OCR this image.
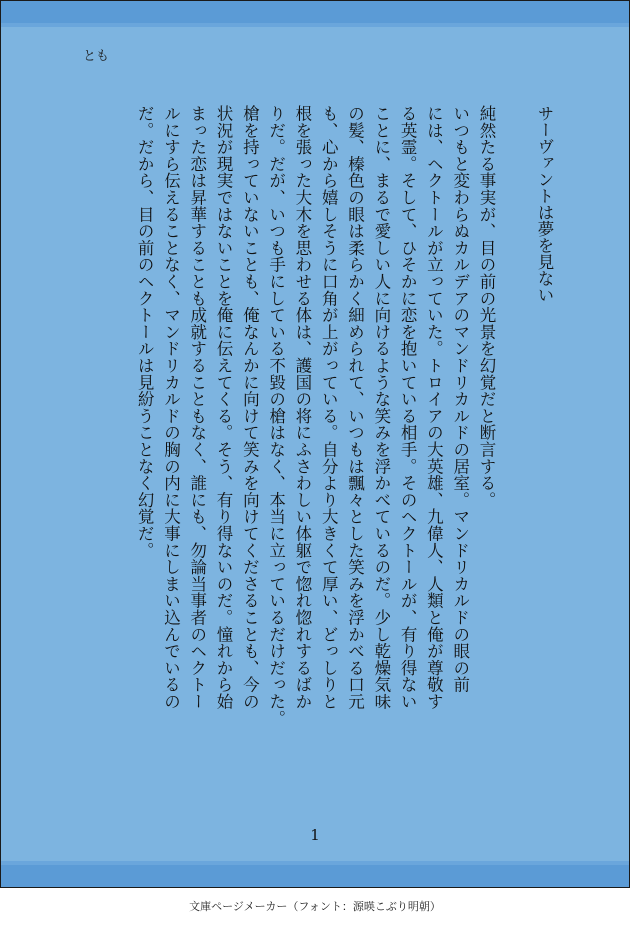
とも
サーヴァントは夢を見ない
純然たる事実が、目の前の光景を幻覚だと断言する。
いつもと変わらぬカルデアのマンドリカルドの居室。マンドリカルドの眼の前
には、ヘクトールが立っていた。トロイアの大英雄、九偉人、人類と俺が尊敬す
る英霊。そして、ひそかに恋を抱いている相手。そのヘクトールが、有り得ない
ことに、まるで愛しい人に向けるような笑みを浮かべているのだ。少し乾燥気味
の髪、榛色の眼は柔らかく細められて、いつもは飄々とした笑みを浮かべる口元
も、心から嬉しそうに口角が上がっている。自分より大きくて厚い、どっしりと
根を張った大木を思わせる体は、護国の将にふさわしい体躯で惚れ惚れするばか
りだ。だが、いつも手にしている不毀の槍はなく、本当に立っているだけだった。
槍を持っていないことも、俺なんかに向けて笑みを向けてくださることも、今の
状況が現実ではないことを俺に伝えてくる。そう、有り得ないのだ。憧れから始
まった恋は昇華することも成就することもなく、誰にも、勿論当事者のヘクトー
ルにすら伝えることなく、マンドリカルドの胸の内に大事にしまい込んでいるの
だ。だから、目の前のヘクトールは見紛うことなく幻覚だ。
1
文庫ページメーカー（フォント：源暎こぶり明朝）
